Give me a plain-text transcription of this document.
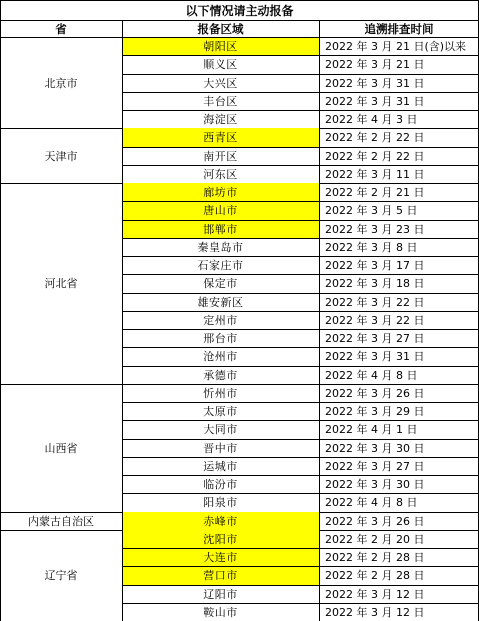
以下情况请主动报备
省	报备区域	追溯排查时间
北京市
朝阳区	2022 年 3 月 21 日(含)以来
顺义区	2022 年 3 月 21 日
大兴区	2022 年 3 月 31 日
丰台区	2022 年 3 月 31 日
海淀区	2022 年 4 月 3 日
天津市
西青区	2022 年 2 月 22 日
南开区	2022 年 2 月 22 日
河东区	2022 年 3 月 11 日
河北省
廊坊市	2022 年 2 月 21 日
唐山市	2022 年 3 月 5 日
邯郸市	2022 年 3 月 23 日
秦皇岛市	2022 年 3 月 8 日
石家庄市	2022 年 3 月 17 日
保定市	2022 年 3 月 18 日
雄安新区	2022 年 3 月 22 日
定州市	2022 年 3 月 22 日
邢台市	2022 年 3 月 27 日
沧州市	2022 年 3 月 31 日
承德市	2022 年 4 月 8 日
山西省
忻州市	2022 年 3 月 26 日
太原市	2022 年 3 月 29 日
大同市	2022 年 4 月 1 日
晋中市	2022 年 3 月 30 日
运城市	2022 年 3 月 27 日
临汾市	2022 年 3 月 30 日
阳泉市	2022 年 4 月 8 日
内蒙古自治区	赤峰市	2022 年 3 月 26 日
辽宁省
沈阳市	2022 年 2 月 20 日
大连市	2022 年 2 月 28 日
营口市	2022 年 2 月 28 日
辽阳市	2022 年 3 月 12 日
鞍山市	2022 年 3 月 12 日
